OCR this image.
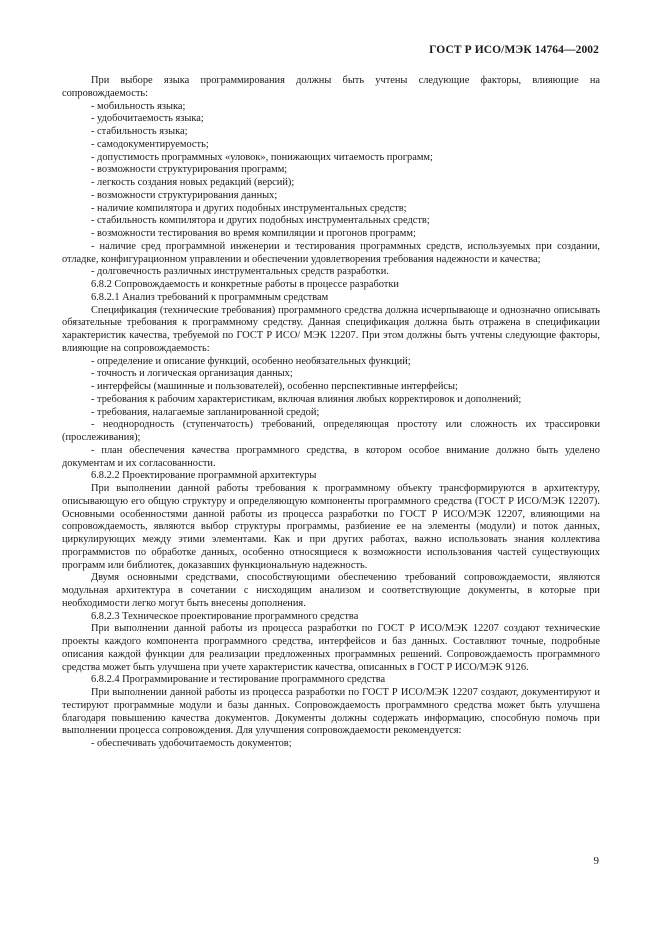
ГОСТ Р ИСО/МЭК 14764—2002

При выборе языка программирования должны быть учтены следующие факторы, влияющие на сопровождаемость:

- мобильность языка;

- удобочитаемость языка;

- стабильность языка;

- самодокументируемость;

- допустимость программных «уловок», понижающих читаемость программ;

- возможности структурирования программ;

- легкость создания новых редакций (версий);

- возможности структурирования данных;

- наличие компилятора и других подобных инструментальных средств;

- стабильность компилятора и других подобных инструментальных средств;

- возможности тестирования во время компиляции и прогонов программ;

- наличие сред программной инженерии и тестирования программных средств, используемых при создании, отладке, конфигурационном управлении и обеспечении удовлетворения требования надежности и качества;

- долговечность различных инструментальных средств разработки.

6.8.2 Сопровождаемость и конкретные работы в процессе разработки

6.8.2.1 Анализ требований к программным средствам

Спецификация (технические требования) программного средства должна исчерпывающе и однозначно описывать обязательные требования к программному средству. Данная спецификация должна быть отражена в спецификации характеристик качества, требуемой по ГОСТ Р ИСО/ МЭК 12207. При этом должны быть учтены следующие факторы, влияющие на сопровождаемость:

- определение и описание функций, особенно необязательных функций;

- точность и логическая организация данных;

- интерфейсы (машинные и пользователей), особенно перспективные интерфейсы;

- требования к рабочим характеристикам, включая влияния любых корректировок и дополнений;

- требования, налагаемые запланированной средой;

- неоднородность (ступенчатость) требований, определяющая простоту или сложность их трассировки (прослеживания);

- план обеспечения качества программного средства, в котором особое внимание должно быть уделено документам и их согласованности.

6.8.2.2 Проектирование программной архитектуры

При выполнении данной работы требования к программному объекту трансформируются в архитектуру, описывающую его общую структуру и определяющую компоненты программного средства (ГОСТ Р ИСО/МЭК 12207). Основными особенностями данной работы из процесса разработки по ГОСТ Р ИСО/МЭК 12207, влияющими на сопровождаемость, являются выбор структуры программы, разбиение ее на элементы (модули) и поток данных, циркулирующих между этими элементами. Как и при других работах, важно использовать знания коллектива программистов по обработке данных, особенно относящиеся к возможности использования частей существующих программ или библиотек, доказавших функциональную надежность.

Двумя основными средствами, способствующими обеспечению требований сопровождаемости, являются модульная архитектура в сочетании с нисходящим анализом и соответствующие документы, в которые при необходимости легко могут быть внесены дополнения.

6.8.2.3 Техническое проектирование программного средства

При выполнении данной работы из процесса разработки по ГОСТ Р ИСО/МЭК 12207 создают технические проекты каждого компонента программного средства, интерфейсов и баз данных. Составляют точные, подробные описания каждой функции для реализации предложенных программных решений. Сопровождаемость программного средства может быть улучшена при учете характеристик качества, описанных в ГОСТ Р ИСО/МЭК 9126.

6.8.2.4 Программирование и тестирование программного средства

При выполнении данной работы из процесса разработки по ГОСТ Р ИСО/МЭК 12207 создают, документируют и тестируют программные модули и базы данных. Сопровождаемость программного средства может быть улучшена благодаря повышению качества документов. Документы должны содержать информацию, способную помочь при выполнении процесса сопровождения. Для улучшения сопровождаемости рекомендуется:

- обеспечивать удобочитаемость документов;

9
